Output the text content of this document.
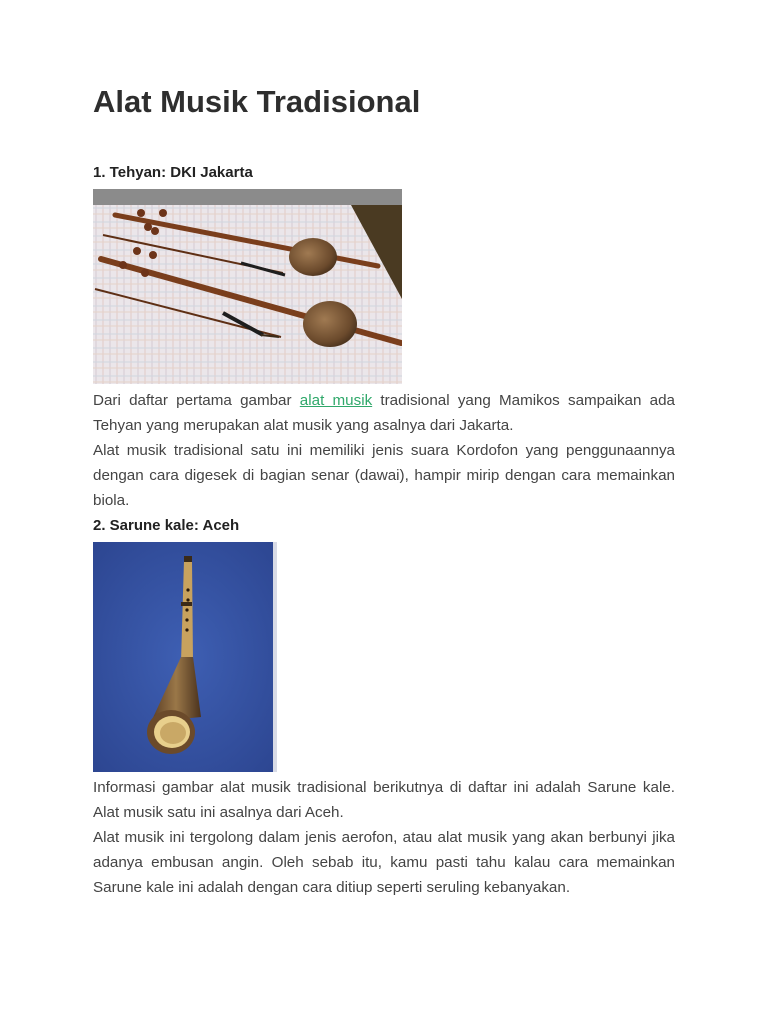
Alat Musik Tradisional
1. Tehyan: DKI Jakarta

Dari daftar pertama gambar alat musik tradisional yang Mamikos sampaikan ada Tehyan yang merupakan alat musik yang asalnya dari Jakarta.

Alat musik tradisional satu ini memiliki jenis suara Kordofon yang penggunaannya dengan cara digesek di bagian senar (dawai), hampir mirip dengan cara memainkan biola.

2. Sarune kale: Aceh

Informasi gambar alat musik tradisional berikutnya di daftar ini adalah Sarune kale. Alat musik satu ini asalnya dari Aceh.

Alat musik ini tergolong dalam jenis aerofon, atau alat musik yang akan berbunyi jika adanya embusan angin. Oleh sebab itu, kamu pasti tahu kalau cara memainkan Sarune kale ini adalah dengan cara ditiup seperti seruling kebanyakan.
